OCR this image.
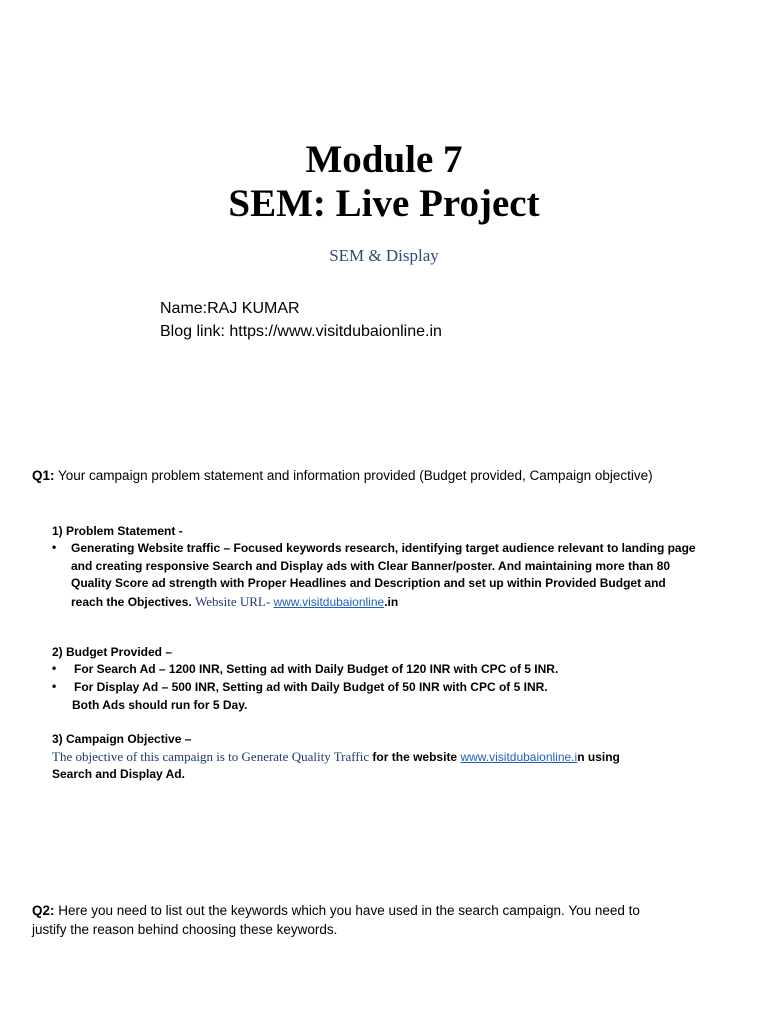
Module 7
SEM: Live Project
SEM & Display
Name:RAJ KUMAR
Blog link: https://www.visitdubaionline.in
Q1: Your campaign problem statement and information provided (Budget provided, Campaign objective)
1) Problem Statement -
• Generating Website traffic – Focused keywords research, identifying target audience relevant to landing page
and creating responsive Search and Display ads with Clear Banner/poster. And maintaining more than 80
Quality Score ad strength with Proper Headlines and Description and set up within Provided Budget and
reach the Objectives. Website URL- www.visitdubaionline.in
2) Budget Provided –
• For Search Ad – 1200 INR, Setting ad with Daily Budget of 120 INR with CPC of 5 INR.
• For Display Ad – 500 INR, Setting ad with Daily Budget of 50 INR with CPC of 5 INR.
Both Ads should run for 5 Day.
3) Campaign Objective –
The objective of this campaign is to Generate Quality Traffic for the website www.visitdubaionline.in using
Search and Display Ad.
Q2: Here you need to list out the keywords which you have used in the search campaign. You need to
justify the reason behind choosing these keywords.
